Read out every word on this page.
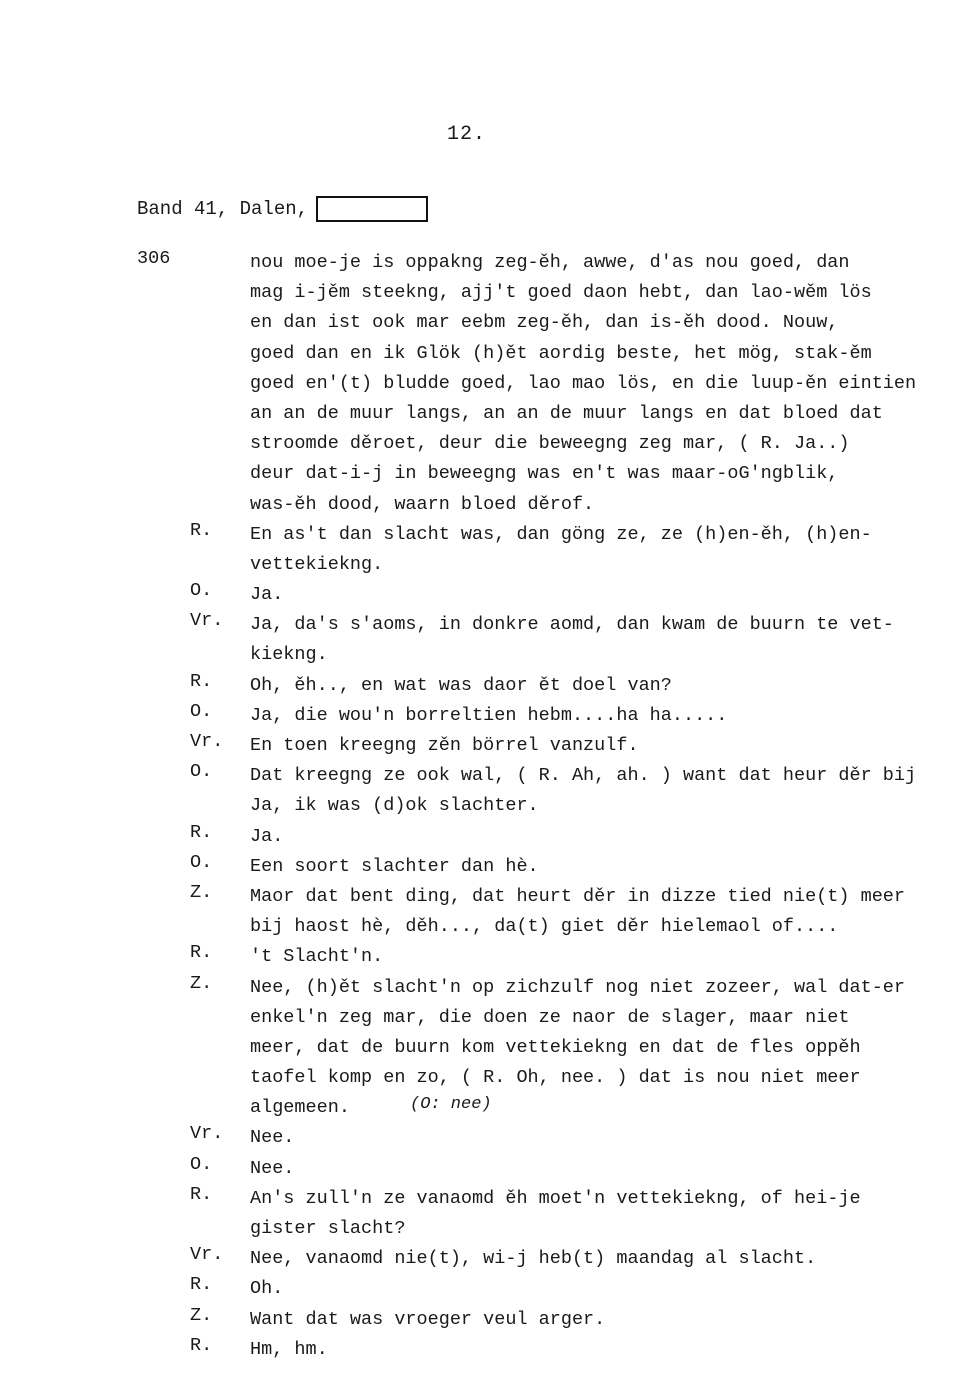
12.
Band 41, Dalen,
306	nou moe-je is oppakng zeg-ěh, awwe, d'as nou goed, dan
mag i-jěm steekng, ajj't goed daon hebt, dan lao-wěm lös
en dan ist ook mar eebm zeg-ěh, dan is-ěh dood. Nouw,
goed dan en ik Glök (h)ět aordig beste, het mög, stak-ěm
goed en'(t) bludde goed, lao mao lös, en die luup-ěn eintien
an an de muur langs, an an de muur langs en dat bloed dat
stroomde děroet, deur die beweegng zeg mar, ( R. Ja..)
deur dat-i-j in beweegng was en't was maar-oG'ngblik,
was-ěh dood, waarn bloed děrof.
R.	En as't dan slacht was, dan göng ze, ze (h)en-ěh, (h)en-
vettekiekng.
O.	Ja.
Vr.	Ja, da's s'aoms, in donkre aomd, dan kwam de buurn te vet-
kiekng.
R.	Oh, ěh.., en wat was daor ět doel van?
O.	Ja, die wou'n borreltien hebm....ha ha.....
Vr.	En toen kreegng zěn börrel vanzulf.
O.	Dat kreegng ze ook wal, ( R. Ah, ah. ) want dat heur děr bij
Ja, ik was (d)ok slachter.
R.	Ja.
O.	Een soort slachter dan hè.
Z.	Maor dat bent ding, dat heurt děr in dizze tied nie(t) meer
bij haost hè, děh..., da(t) giet děr hielemaol of....
R.	't Slacht'n.
Z.	Nee, (h)ět slacht'n op zichzulf nog niet zozeer, wal dat-er
enkel'n zeg mar, die doen ze naor de slager, maar niet
meer, dat de buurn kom vettekiekng en dat de fles oppěh
taofel komp en zo, ( R. Oh, nee. ) dat is nou niet meer
algemeen.
Vr.	Nee.
O.	Nee.
R.	An's zull'n ze vanaomd ěh moet'n vettekiekng, of hei-je
gister slacht?
Vr.	Nee, vanaomd nie(t), wi-j heb(t) maandag al slacht.
R.	Oh.
Z.	Want dat was vroeger veul arger.
R.	Hm, hm.
(O: nee)
